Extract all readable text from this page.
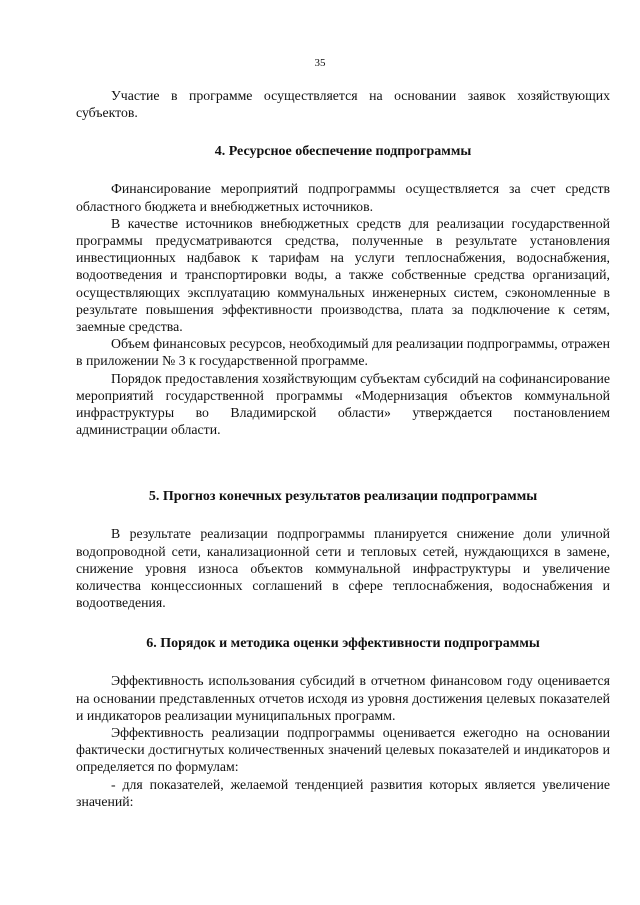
35

Участие в программе осуществляется на основании заявок хозяйствующих субъектов.

4. Ресурсное обеспечение подпрограммы

Финансирование мероприятий подпрограммы осуществляется за счет средств областного бюджета и внебюджетных источников.

В качестве источников внебюджетных средств для реализации государственной программы предусматриваются средства, полученные в результате установления инвестиционных надбавок к тарифам на услуги теплоснабжения, водоснабжения, водоотведения и транспортировки воды, а также собственные средства организаций, осуществляющих эксплуатацию коммунальных инженерных систем, сэкономленные в результате повышения эффективности производства, плата за подключение к сетям, заемные средства.

Объем финансовых ресурсов, необходимый для реализации подпрограммы, отражен в приложении № 3 к государственной программе.

Порядок предоставления хозяйствующим субъектам субсидий на софинансирование мероприятий государственной программы «Модернизация объектов коммунальной инфраструктуры во Владимирской области» утверждается постановлением администрации области.

5. Прогноз конечных результатов реализации подпрограммы

В результате реализации подпрограммы планируется снижение доли уличной водопроводной сети, канализационной сети и тепловых сетей, нуждающихся в замене, снижение уровня износа объектов коммунальной инфраструктуры и увеличение количества концессионных соглашений в сфере теплоснабжения, водоснабжения и водоотведения.

6. Порядок и методика оценки эффективности подпрограммы

Эффективность использования субсидий в отчетном финансовом году оценивается на основании представленных отчетов исходя из уровня достижения целевых показателей и индикаторов реализации муниципальных программ.

Эффективность реализации подпрограммы оценивается ежегодно на основании фактически достигнутых количественных значений целевых показателей и индикаторов и определяется по формулам:

- для показателей, желаемой тенденцией развития которых является увеличение значений:
